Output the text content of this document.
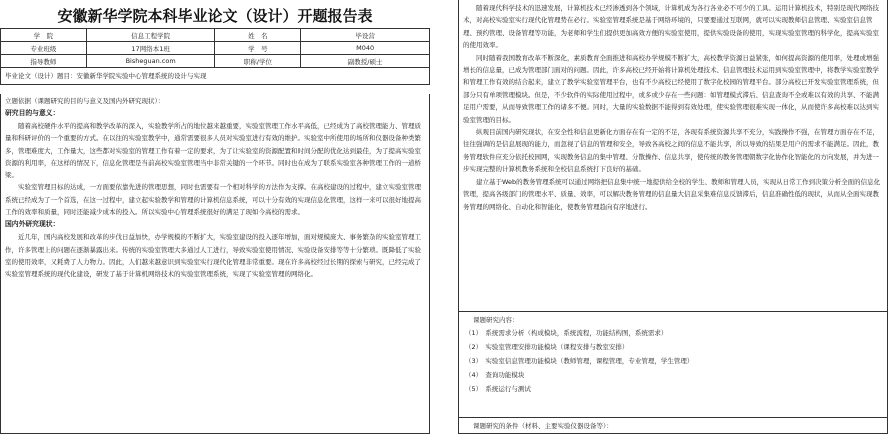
安徽新华学院本科毕业论文（设计）开题报告表
学　院	信息工程学院	姓　名	毕设营
专业班级	17网络本1班	学　号	M040
指导教师	Bisheguan.com	职称/学位	副教授/硕士
毕业论文（设计）题目：安徽新华学院实验中心管理系统的设计与实现
立题依据（课题研究的目的与意义及国内外研究现状）：
研究目的与意义：
随着高校硬件水平的提高和教学改革的深入，实验教学所占的地位越来越重要，实验室管理工作水平高低，已经成为了高校管理能力、管理质量和科研评价的一个重要的方式。在以往的实验室教学中，通常需要很多人员对实验室进行有效的维护。实验室中所使用的场所和仪器设备种类繁多，管理难度大，工作量大，这些都对实验室的管理工作有着一定的要求，为了让实验室的资源配置和时间分配的优化达到最佳，为了提高实验室资源的利用率，在这样的情况下，信息化管理是当前高校实验室管理当中非常关键的一个环节。同时也在成为了联系实验室各种管理工作的一道桥梁。
实验室管理目标的达成，一方面要依靠先进的管理思想，同时也需要有一个相对科学的方法作为支撑。在高校建设的过程中，建立实验室管理系统已经成为了一个首选，在这一过程中，建立起实验教学和管理的计算机信息系统，可以十分有效的实现信息化管理，这样一来可以很好地提高工作的效率和质量，同时还能减少成本的投入。所以实验中心管理系统很好的满足了现如今高校的需求。
国内外研究现状：
近几年，国内高校发展和改革的步伐日益加快，办学规模的不断扩大，实验室建设的投入逐年增加，面对规模庞大、事务繁杂的实验室管理工作，许多管理上的问题在逐渐暴露出来。传统的实验室管理大多通过人工进行，导致实验室使用情况、实验设备安排等等十分繁琐。既降低了实验室的使用效率，又耗费了人力物力。因此，人们越来越意识到实验室实行现代化管理非常重要。现在许多高校经过长期的探索与研究，已经完成了实验室管理系统的现代化建设，研发了基于计算机网络技术的实验室管理系统，实现了实验室管理的网络化。
随着现代科学技术的迅速发展，计算机技术已经渗透到各个领域，计算机成为各行各业必不可少的工具。运用计算机技术，特别是现代网络技术，对高校实验室实行现代化管理势在必行。实验室管理系统是基于网络环境的，只要要通过互联网，就可以实现教师信息管理、实验室信息管理、预约管理、设备管理等功能，为老师和学生们提供更加高效方便的实验室使用，提供实验设备的使用，实现实验室管理的科学化，提高实验室的使用效率。
同时随着我国教育改革不断深化，素质教育全面推进和高校办学规模不断扩大，高校教学资源日益紧张，如何提高资源的使用率，处理或增强增长的信息量，已成为管理部门面对的问题。因此，许多高校已经开始将计算机处理技术、信息管理技术运用到实验室管理中，将教学实验室教学和管理工作有效的结合起来，建立了教学实验室管理平台，也有不少高校已经使用了数字化校园的管理平台。部分高校已开发实验室管理系统，但部分只有单项管理模块。但是，不少软件的实际使用过程中，或多或少存在一些问题：如管理模式滞后、信息查询不全或难以有效的共享、不能满足用户需要，从而导致管理工作的诸多不便。同时，大量的实验数据不能得到有效处理，使实验管理很难实现一体化，从而使许多高校难以达到实验室管理的目标。
纵观目前国内研究现状，在安全性和信息更新化方面存在有一定的不足，各现有系统资源共享不充分，实践操作不强，在管理方面存在不足，往往强调的是信息展现的能力，而忽视了信息的管理和安全，导致各高校之间的信息不能共享，所以导致的结果是用户的需求不能满足。因此，教务管理软件应充分依托校园网，实现教务信息的集中管理、分散操作、信息共享，使传统的教务管理朝数字化协作化智能化的方向发展，并为进一步实现完整的计算机教务系统和全校信息系统打下良好的基础。
建立基于Web的教务管理系统可以通过网络把信息集中统一地提供给全校的学生、教师和管理人员，实现从日常工作到决策分析全面的信息化管理，提高各级部门的管理水平、质量、效率，可以解决教务管理的信息量大信息采集难信息反馈滞后，信息准确性低的现状，从而从全面实现教务管理的网络化、自动化和智能化，使教务管理趋向有序地进行。
课题研究内容：
（1）　系统需求分析（构成模块，系统流程，功能结构图，系统需求）
（2）　实验室管理安排功能模块（课程安排与教室安排）
（3）　实验室信息管理功能模块（教师管理，课程管理，专业管理，学生管理）
（4）　查询功能模块
（5）　系统运行与测试
课题研究的条件（材料、主要实验仪器设备等）：
